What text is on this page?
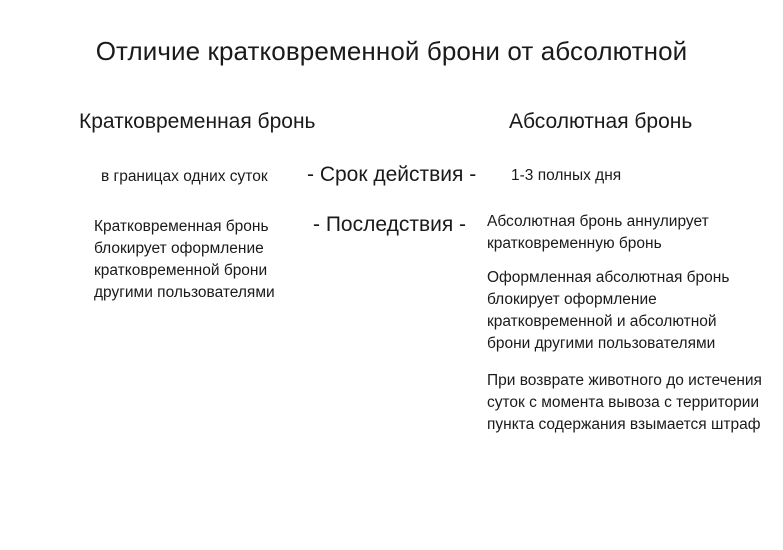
Отличие кратковременной брони от абсолютной
Кратковременная бронь	Абсолютная бронь
в границах одних суток - Срок действия - 1-3 полных дня
- Последствия -
Кратковременная бронь блокирует оформление кратковременной брони другими пользователями
Абсолютная бронь аннулирует кратковременную бронь
Оформленная абсолютная бронь блокирует оформление кратковременной и абсолютной брони другими пользователями
При возврате животного до истечения суток с момента вывоза с территории пункта содержания взымается штраф
